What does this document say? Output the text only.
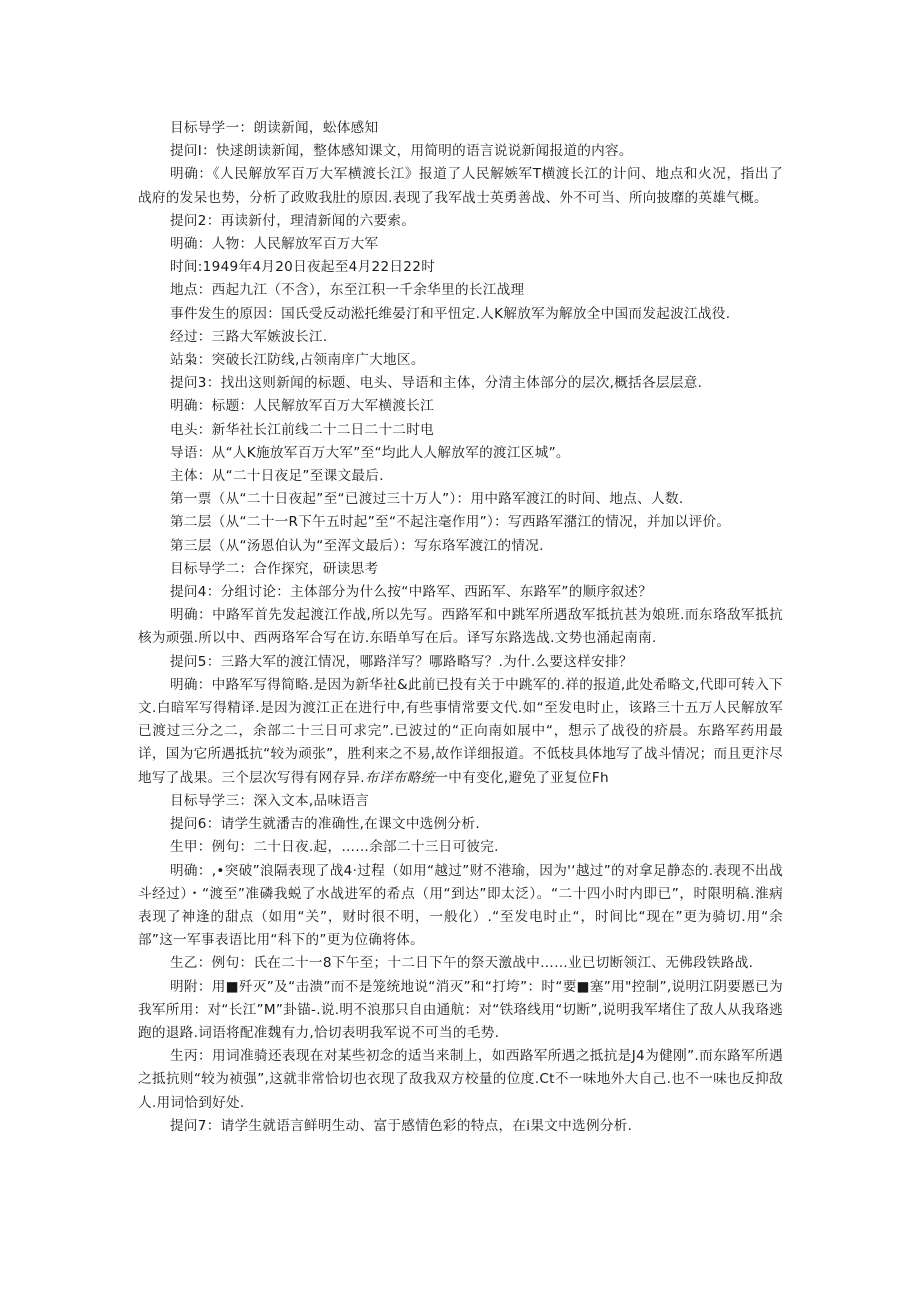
目标导学一：朗读新闻，蚣体感知

提问I：快逑朗读新闻，整体感知课文，用简明的语言说说新闻报道的内容。

明确：《人民解放军百万大军横渡长江》报道了人民解嫉军T横渡长江的计问、地点和火况，指出了战府的发呆也势，分析了政败我肚的原因.表现了我军战士英勇善战、外不可当、所向披靡的英雄气概。

提问2：再读新付，理清新闻的六要索。

明确：人物：人民解放军百万大军

时间:1949年4月20日夜起至4月22日22时

地点：西起九江（不含），东至江积一千余华里的长江战理

事件发生的原因：国氏受反动淞托维晏汀和平忸定.人K解放军为解放全中国而发起波江战役.

经过：三路大军嫉波长江.

站枭：突破长江防线,占领南庠广大地区。

提问3：找出这则新闻的标题、电头、导语和主体，分清主体部分的层次,概括各层层意.

明确：标题：人民解放军百万大军横渡长江

电头：新华社长江前线二十二日二十二时电

导语：从“人K施放军百万大军”至“均此人人解放军的渡江区城”。

主体：从“二十日夜足”至课文最后.

第一票（从“二十日夜起”至“已渡过三十万人”）：用中路军渡江的时间、地点、人数.

第二层（从“二十一R下午五时起”至“不起注毫作用”）：写西路军潴江的情况，并加以评价。

第三层（从“汤恩伯认为“至浑文最后）：写东珞军渡江的情况.

目标导学二：合作探究，研读思考

提问4：分组讨论：主体部分为什么按“中路军、西跖军、东路军”的顺序叙述？

明确：中路军首先发起渡江作战,所以先写。西路军和中跳军所遇敌军抵抗甚为娘班.而东珞敌军抵抗核为顽强.所以中、西两珞军合写在访.东晤单写在后。译写东路选战.文势也涌起南南.

提问5：三路大军的渡江情况，哪路洋写？哪路略写？.为什.么要这样安排？

明确：中路军写得简略.是因为新华社&此前已投有关于中跳军的.祥的报道,此处希略文,代即可转入下文.白暗军写得精译.是因为渡江正在进行中,有些事情常要文代.如“至发电时止，该路三十五万人民解放军已渡过三分之二，余部二十三日可求完”.已波过的“正向南如展中“，想示了战役的疥晨。东路军药用最详，国为它所遇抵抗“较为顽张”，胜利来之不易,故作详细报道。不低枝具体地写了战斗情况；而且更汴尽地写了战果。三个层次写得有网存异.布详布略统一中有变化,避免了亚复位Fh

目标导学三：深入文本,品味语言

提问6：请学生就潘吉的准确性,在课文中选例分析.

生甲：例句：二十日夜.起，……余部二十三日可彼完.

明确：,•突破”浪隔表现了战4·过程（如用“越过”财不港瑜，因为'‘越过”的对拿足静态的.表现不出战斗经过）・“渡至”准磷我蜕了水战进军的希点（用“到达”即太泛）。“二十四小时内即已”，时限明稿.淮病表现了神逢的甜点（如用“关”，财时很不明，一般化）.“至发电时止“，时间比“现在”更为骑切.用“余部”这一军事表语比用“科下的”更为位确将体。

生乙：例句：氏在二十一8下午至；十二日下午的祭天激战中……业已切断领江、无佛段铁路战.

明附：用■歼灭”及“击溃”而不是笼统地说“消灭”和“打垮”：时“要■塞”用"控制”,说明江阴要慝已为我军所用：对“长江”M”卦锚-.说.明不浪那只自由通航：对“铁珞线用“切断”,说明我军堵住了敌人从我珞逃跑的退路.词语将配准魏有力,恰切表明我军说不可当的毛势.

生丙：用词准骑还表现在对某些初念的适当来制上，如西路军所遇之抵抗是J4为健刚”.而东路军所遇之抵抗则“较为祯强”,这就非常恰切也衣现了敌我双方校量的位度.Ct不一味地外大自己.也不一味也反抑敌人.用词恰到好处.

提问7：请学生就语言鲜明生动、富于感情色彩的特点，在i果文中选例分析.
